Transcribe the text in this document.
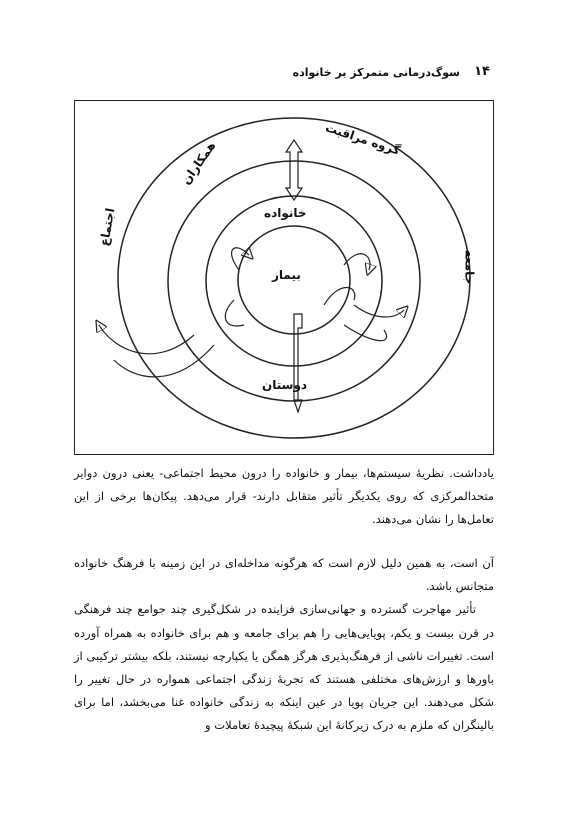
۱۴
سوگ‌درمانی متمرکز بر خانواده
خانواده
بیمار
دوستان
گروه مراقبت
همکاران
اجتماع
جامعه
یادداشت. نظریهٔ سیستم‌ها، بیمار و خانواده را درون محیط اجتماعی- یعنی درون دوایر متحدالمرکزی که روی یکدیگر تأثیر متقابل دارند- قرار می‌دهد. پیکان‌ها برخی از این تعامل‌ها را نشان می‌دهند.

آن است، به همین دلیل لازم است که هرگونه مداخله‌ای در این زمینه با فرهنگ خانواده متجانس باشد.

تأثیر مهاجرت گسترده و جهانی‌سازی فزاینده در شکل‌گیری چند جوامع چند فرهنگی در قرن بیست و یکم، پویایی‌هایی را هم برای جامعه و هم برای خانواده به همراه آورده است. تغییرات ناشی از فرهنگ‌پذیری هرگز همگن یا یکپارچه نیستند، بلکه بیشتر ترکیبی از باورها و ارزش‌های مختلفی هستند که تجربهٔ زندگی اجتماعی همواره در حال تغییر را شکل می‌دهند. این جریان پویا در عین اینکه به زندگی خانواده غنا می‌بخشد، اما برای بالینگران که ملزم به درک زیرکانهٔ این شبکهٔ پیچیدهٔ تعاملات و
